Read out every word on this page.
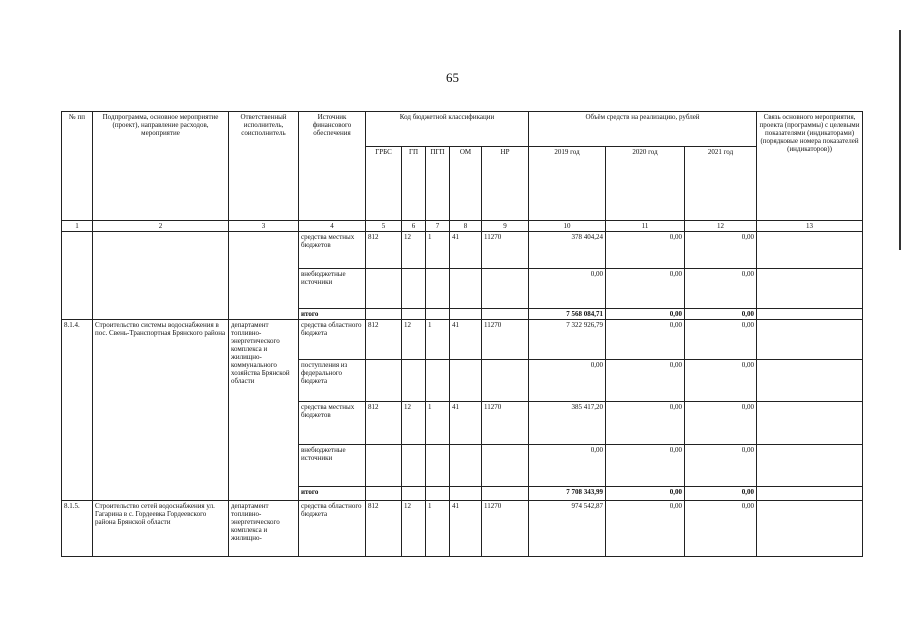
65
№ пп	Подпрограмма, основное мероприятие (проект), направление расходов, мероприятие	Ответственный исполнитель, соисполнитель	Источник финансового обеспечения	Код бюджетной классификации					Объём средств на реализацию, рублей			Связь основного мероприятия, проекта (программы) с целевыми показателями (индикаторами) (порядковые номера показателей (индикаторов))
				ГРБС	ГП	ПГП	ОМ	НР	2019 год	2020 год	2021 год	
1	2	3	4	5	6	7	8	9	10	11	12	13
			средства местных бюджетов	812	12	1	41	11270	378 404,24	0,00	0,00	
			внебюджетные источники						0,00	0,00	0,00	
			итого						7 568 084,71	0,00	0,00	
8.1.4.	Строительство системы водоснабжения в пос. Свень-Транспортная Брянского района	департамент топливно-энергетического комплекса и жилищно-коммунального хозяйства Брянской области	средства областного бюджета	812	12	1	41	11270	7 322 926,79	0,00	0,00	
			поступления из федерального бюджета						0,00	0,00	0,00	
			средства местных бюджетов	812	12	1	41	11270	385 417,20	0,00	0,00	
			внебюджетные источники						0,00	0,00	0,00	
			итого						7 708 343,99	0,00	0,00	
8.1.5.	Строительство сетей водоснабжения ул. Гагарина в с. Гордеевка Гордеевского района Брянской области	департамент топливно-энергетического комплекса и жилищно-	средства областного бюджета	812	12	1	41	11270	974 542,87	0,00	0,00	
